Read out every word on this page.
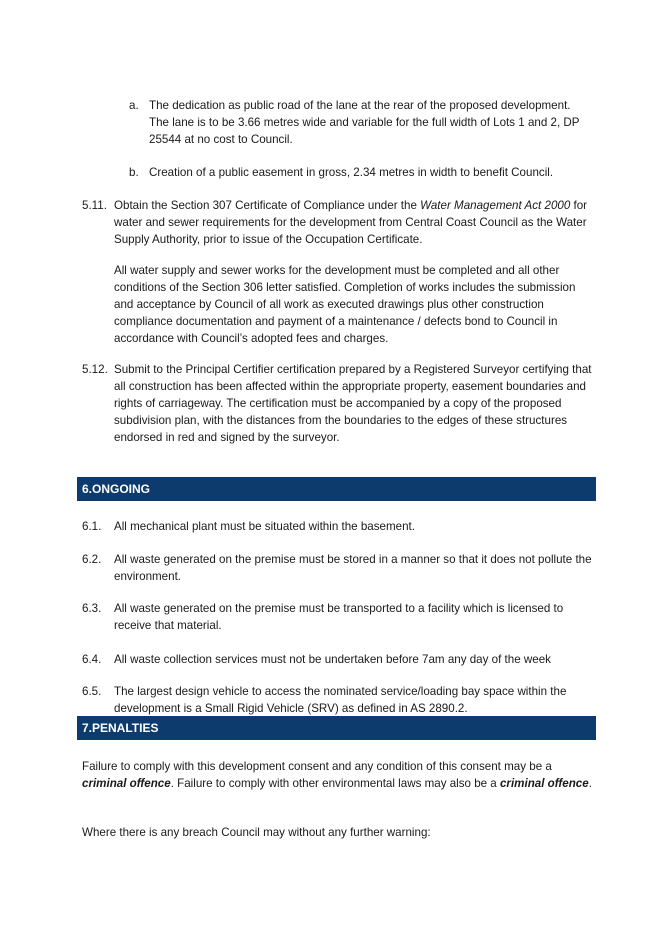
a. The dedication as public road of the lane at the rear of the proposed development. The lane is to be 3.66 metres wide and variable for the full width of Lots 1 and 2, DP 25544 at no cost to Council.
b. Creation of a public easement in gross, 2.34 metres in width to benefit Council.
5.11. Obtain the Section 307 Certificate of Compliance under the Water Management Act 2000 for water and sewer requirements for the development from Central Coast Council as the Water Supply Authority, prior to issue of the Occupation Certificate.
All water supply and sewer works for the development must be completed and all other conditions of the Section 306 letter satisfied. Completion of works includes the submission and acceptance by Council of all work as executed drawings plus other construction compliance documentation and payment of a maintenance / defects bond to Council in accordance with Council’s adopted fees and charges.
5.12. Submit to the Principal Certifier certification prepared by a Registered Surveyor certifying that all construction has been affected within the appropriate property, easement boundaries and rights of carriageway. The certification must be accompanied by a copy of the proposed subdivision plan, with the distances from the boundaries to the edges of these structures endorsed in red and signed by the surveyor.
6.ONGOING
6.1.	All mechanical plant must be situated within the basement.
6.2.	All waste generated on the premise must be stored in a manner so that it does not pollute the environment.
6.3.	All waste generated on the premise must be transported to a facility which is licensed to receive that material.
6.4.	All waste collection services must not be undertaken before 7am any day of the week
6.5.	The largest design vehicle to access the nominated service/loading bay space within the development is a Small Rigid Vehicle (SRV) as defined in AS 2890.2.
7.PENALTIES
Failure to comply with this development consent and any condition of this consent may be a criminal offence. Failure to comply with other environmental laws may also be a criminal offence.
Where there is any breach Council may without any further warning:
